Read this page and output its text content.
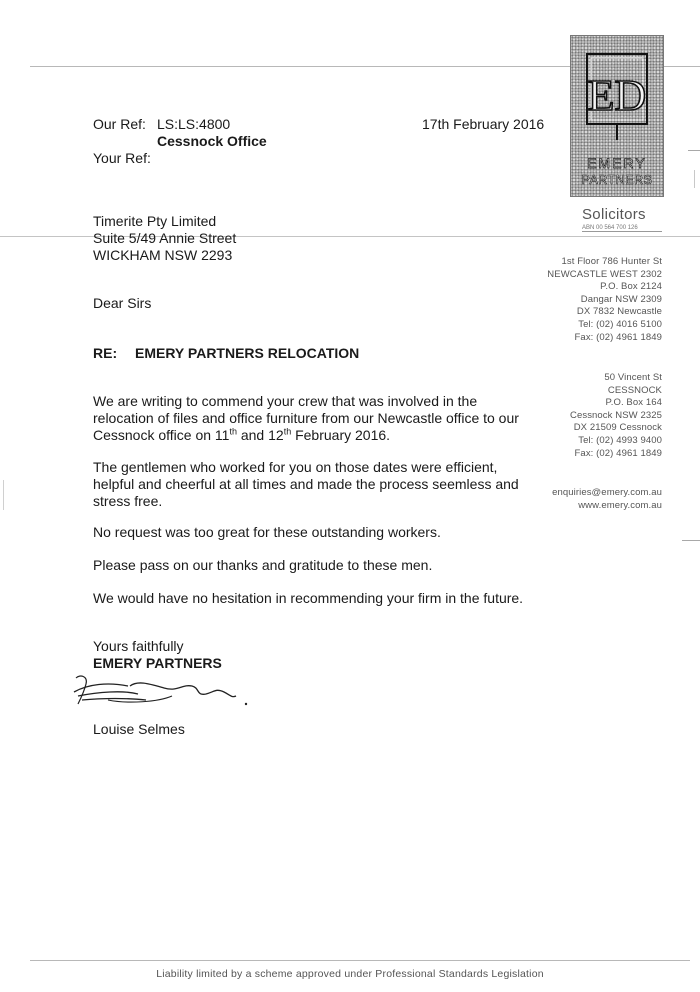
ED
EMERY
PARTNERS
Solicitors
ABN 00 564 700 126
1st Floor 786 Hunter St
NEWCASTLE WEST 2302
P.O. Box 2124
Dangar NSW 2309
DX 7832 Newcastle
Tel: (02) 4016 5100
Fax: (02) 4961 1849
50 Vincent St
CESSNOCK
P.O. Box 164
Cessnock NSW 2325
DX 21509 Cessnock
Tel: (02) 4993 9400
Fax: (02) 4961 1849
enquiries@emery.com.au
www.emery.com.au
Our Ref: LS:LS:4800
Cessnock Office
Your Ref:
17th February 2016
Timerite Pty Limited
Suite 5/49 Annie Street
WICKHAM NSW 2293
Dear Sirs
RE: EMERY PARTNERS RELOCATION
We are writing to commend your crew that was involved in the
relocation of files and office furniture from our Newcastle office to our
Cessnock office on 11th and 12th February 2016.
The gentlemen who worked for you on those dates were efficient,
helpful and cheerful at all times and made the process seemless and
stress free.
No request was too great for these outstanding workers.
Please pass on our thanks and gratitude to these men.
We would have no hesitation in recommending your firm in the future.
Yours faithfully
EMERY PARTNERS
Louise Selmes
Liability limited by a scheme approved under Professional Standards Legislation
